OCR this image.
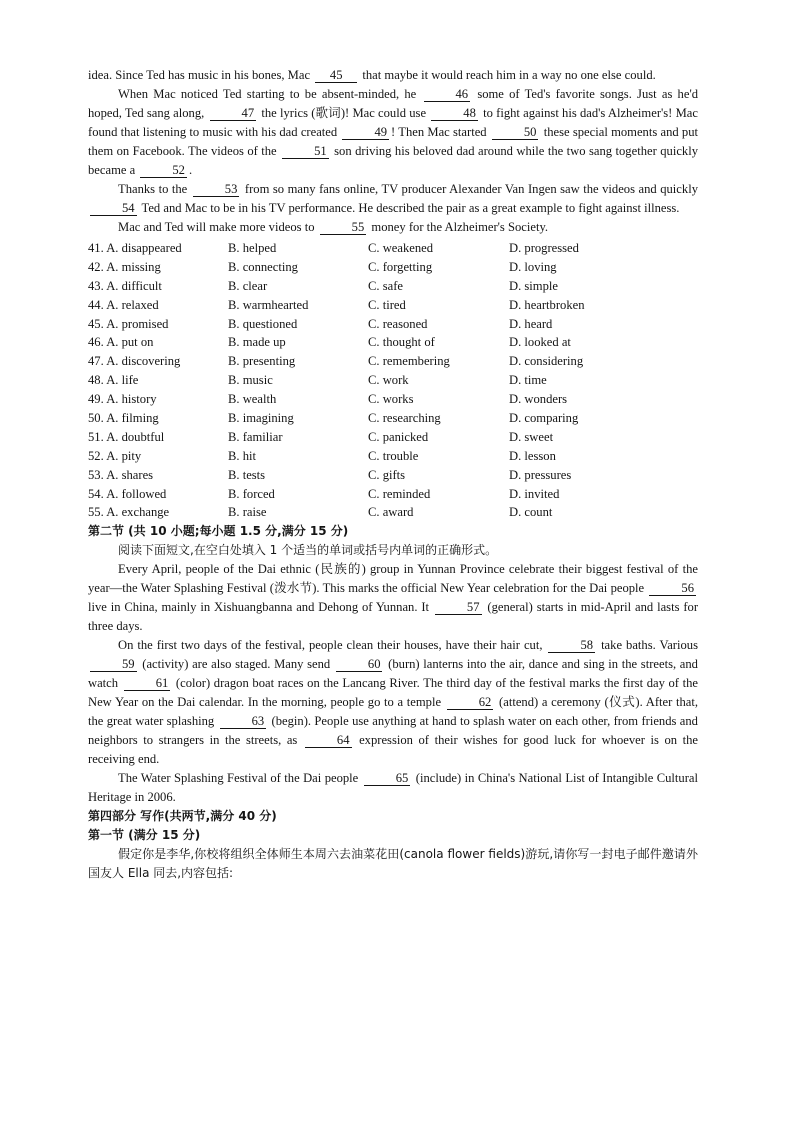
idea. Since Ted has music in his bones, Mac 45 that maybe it would reach him in a way no one else could.

When Mac noticed Ted starting to be absent-minded, he	46 some of Ted's favorite songs. Just as he'd hoped, Ted sang along,	47 the lyrics (歌词)! Mac could use	48 to fight against his dad's Alzheimer's! Mac found that listening to music with his dad created	49 ! Then Mac started	50 these special moments and put them on Facebook. The videos of the	51 son driving his beloved dad around while the two sang together quickly became a	52 .

Thanks to the	53 from so many fans online, TV producer Alexander Van Ingen saw the videos and quickly 54 Ted and Mac to be in his TV performance. He described the pair as a great example to fight against illness.

Mac and Ted will make more videos to	55 money for the Alzheimer's Society.

41. A. disappeared	B. helped	C. weakened	D. progressed
42. A. missing	B. connecting	C. forgetting	D. loving
43. A. difficult	B. clear	C. safe	D. simple
44. A. relaxed	B. warmhearted	C. tired	D. heartbroken
45. A. promised	B. questioned	C. reasoned	D. heard
46. A. put on	B. made up	C. thought of	D. looked at
47. A. discovering	B. presenting	C. remembering	D. considering
48. A. life	B. music	C. work	D. time
49. A. history	B. wealth	C. works	D. wonders
50. A. filming	B. imagining	C. researching	D. comparing
51. A. doubtful	B. familiar	C. panicked	D. sweet
52. A. pity	B. hit	C. trouble	D. lesson
53. A. shares	B. tests	C. gifts	D. pressures
54. A. followed	B. forced	C. reminded	D. invited
55. A. exchange	B. raise	C. award	D. count

第二节 (共 10 小题;每小题 1.5 分,满分 15 分)

阅读下面短文,在空白处填入 1 个适当的单词或括号内单词的正确形式。

Every April, people of the Dai ethnic (民族的) group in Yunnan Province celebrate their biggest festival of the year—the Water Splashing Festival (泼水节). This marks the official New Year celebration for the Dai people	56 live in China, mainly in Xishuangbanna and Dehong of Yunnan. It	57 (general) starts in mid-April and lasts for three days.

On the first two days of the festival, people clean their houses, have their hair cut,	58 take baths. Various 59 (activity) are also staged. Many send	60 (burn) lanterns into the air, dance and sing in the streets, and watch	61 (color) dragon boat races on the Lancang River. The third day of the festival marks the first day of the New Year on the Dai calendar. In the morning, people go to a temple	62 (attend) a ceremony (仪式). After that, the great water splashing	63 (begin). People use anything at hand to splash water on each other, from friends and neighbors to strangers in the streets, as	64 expression of their wishes for good luck for whoever is on the receiving end.

The Water Splashing Festival of the Dai people	65 (include) in China's National List of Intangible Cultural Heritage in 2006.

第四部分 写作(共两节,满分 40 分)

第一节 (满分 15 分)

假定你是李华,你校将组织全体师生本周六去油菜花田(canola flower fields)游玩,请你写一封电子邮件邀请外国友人 Ella 同去,内容包括:
